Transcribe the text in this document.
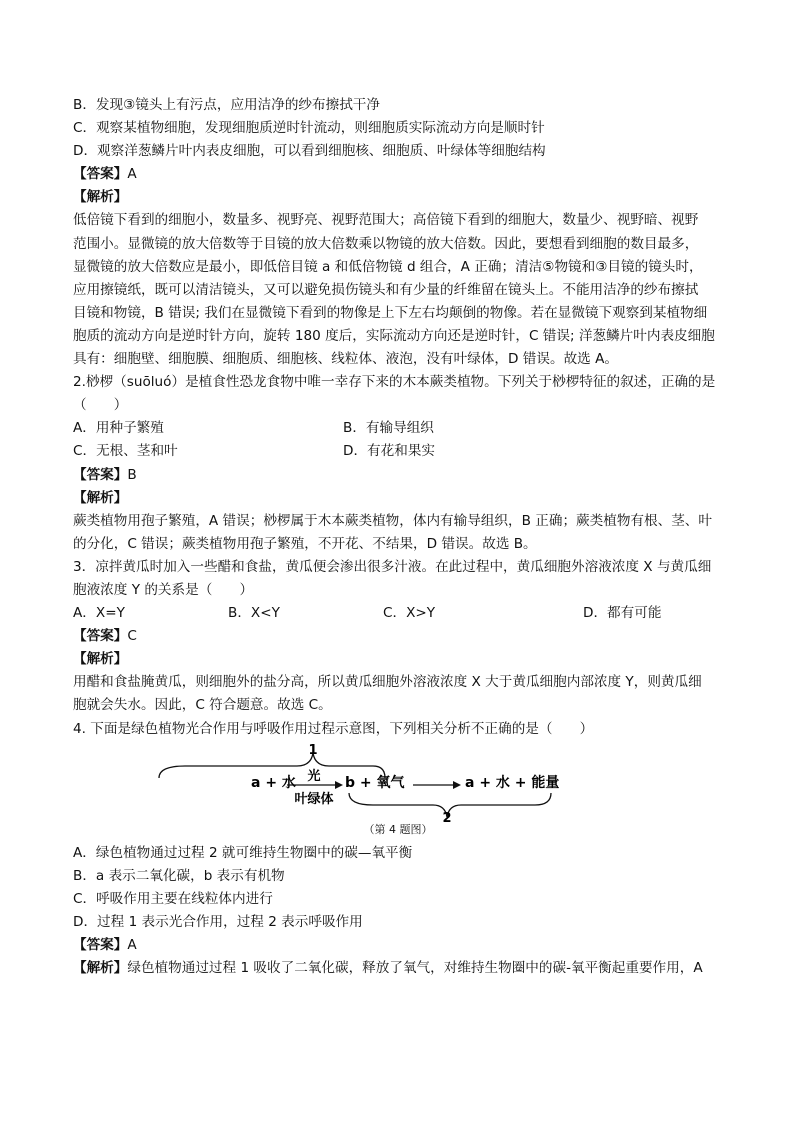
B．发现③镜头上有污点，应用洁净的纱布擦拭干净
C．观察某植物细胞，发现细胞质逆时针流动，则细胞质实际流动方向是顺时针
D．观察洋葱鳞片叶内表皮细胞，可以看到细胞核、细胞质、叶绿体等细胞结构
【答案】A
【解析】
低倍镜下看到的细胞小，数量多、视野亮、视野范围大；高倍镜下看到的细胞大，数量少、视野暗、视野
范围小。显微镜的放大倍数等于目镜的放大倍数乘以物镜的放大倍数。因此，要想看到细胞的数目最多，
显微镜的放大倍数应是最小，即低倍目镜 a 和低倍物镜 d 组合，A 正确；清洁⑤物镜和③目镜的镜头时，
应用擦镜纸，既可以清洁镜头，又可以避免损伤镜头和有少量的纤维留在镜头上。不能用洁净的纱布擦拭
目镜和物镜，B 错误; 我们在显微镜下看到的物像是上下左右均颠倒的物像。若在显微镜下观察到某植物细
胞质的流动方向是逆时针方向，旋转 180 度后，实际流动方向还是逆时针，C 错误; 洋葱鳞片叶内表皮细胞
具有：细胞壁、细胞膜、细胞质、细胞核、线粒体、液泡，没有叶绿体，D 错误。故选 A。
2.桫椤（suōluó）是植食性恐龙食物中唯一幸存下来的木本蕨类植物。下列关于桫椤特征的叙述，正确的是
（　　）
A．用种子繁殖	B．有输导组织
C．无根、茎和叶	D．有花和果实
【答案】B
【解析】
蕨类植物用孢子繁殖，A 错误；桫椤属于木本蕨类植物，体内有输导组织，B 正确；蕨类植物有根、茎、叶
的分化，C 错误；蕨类植物用孢子繁殖，不开花、不结果，D 错误。故选 B。
3．凉拌黄瓜时加入一些醋和食盐，黄瓜便会渗出很多汁液。在此过程中，黄瓜细胞外溶液浓度 X 与黄瓜细
胞液浓度 Y 的关系是（　　）
A．X=Y	B．X<Y	C．X>Y	D．都有可能
【答案】C
【解析】
用醋和食盐腌黄瓜，则细胞外的盐分高，所以黄瓜细胞外溶液浓度 X 大于黄瓜细胞内部浓度 Y，则黄瓜细
胞就会失水。因此，C 符合题意。故选 C。
4. 下面是绿色植物光合作用与呼吸作用过程示意图，下列相关分析不正确的是（　　）
1
a + 水 光
叶绿体
b + 氧气	a + 水 + 能量
2
（第 4 题图）
A．绿色植物通过过程 2 就可维持生物圈中的碳—氧平衡
B．a 表示二氧化碳，b 表示有机物
C．呼吸作用主要在线粒体内进行
D．过程 1 表示光合作用，过程 2 表示呼吸作用
【答案】A
【解析】绿色植物通过过程 1 吸收了二氧化碳，释放了氧气，对维持生物圈中的碳-氧平衡起重要作用，A
